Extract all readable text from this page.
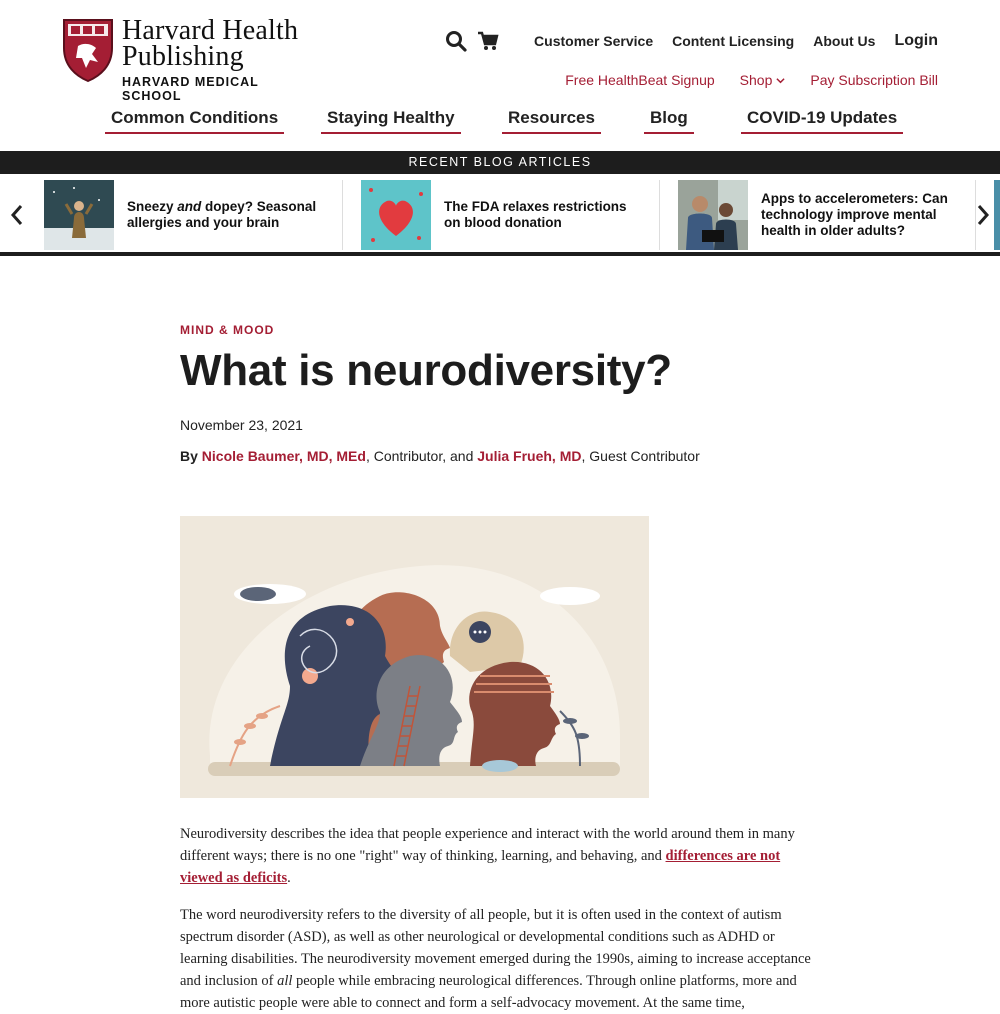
Harvard Health
Publishing
HARVARD MEDICAL SCHOOL
Customer Service Content Licensing About Us Login
Free HealthBeat Signup Shop	Pay Subscription Bill
Common Conditions	Staying Healthy	Resources	Blog	COVID-19 Updates
RECENT BLOG ARTICLES
Sneezy and dopey? Seasonal allergies and your brain
The FDA relaxes restrictions on blood donation
Apps to accelerometers: Can technology improve mental health in older adults?
MIND & MOOD
What is neurodiversity?
November 23, 2021
By Nicole Baumer, MD, MEd, Contributor, and Julia Frueh, MD, Guest Contributor

Neurodiversity describes the idea that people experience and interact with the world around them in many different ways; there is no one "right" way of thinking, learning, and behaving, and differences are not viewed as deficits.

The word neurodiversity refers to the diversity of all people, but it is often used in the context of autism spectrum disorder (ASD), as well as other neurological or developmental conditions such as ADHD or learning disabilities. The neurodiversity movement emerged during the 1990s, aiming to increase acceptance and inclusion of all people while embracing neurological differences. Through online platforms, more and more autistic people were able to connect and form a self-advocacy movement. At the same time,
